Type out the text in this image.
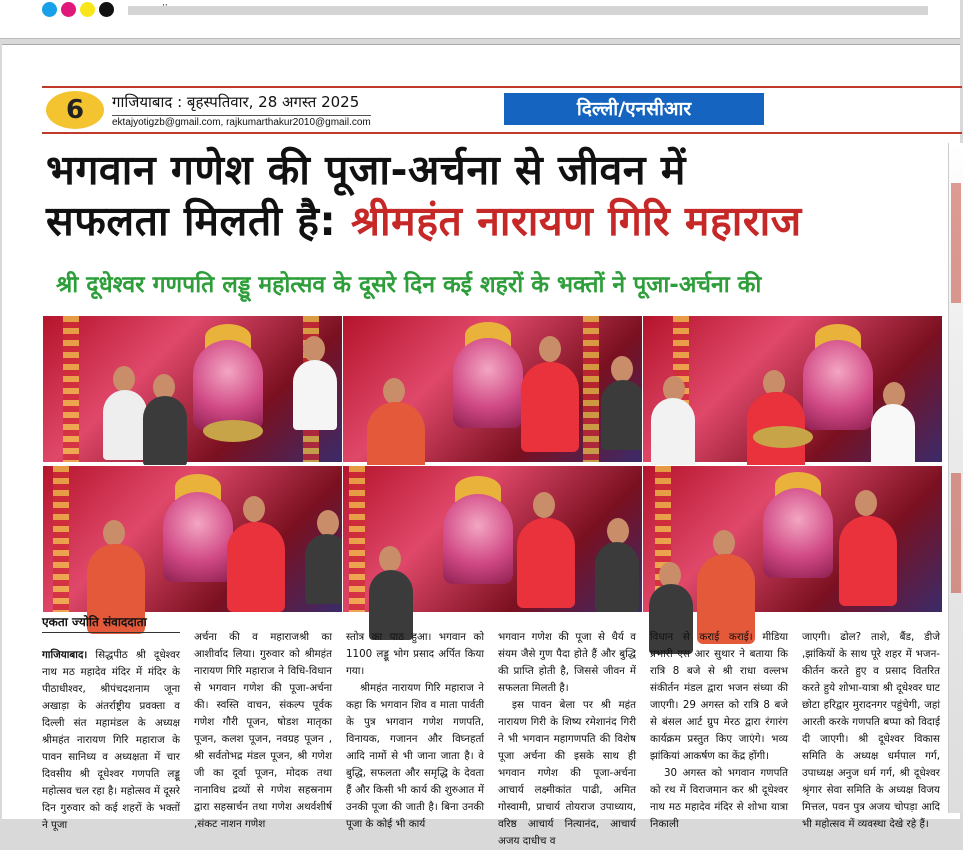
6	गाजियाबाद : बृहस्पतिवार, 28 अगस्त 2025
ektajyotigzb@gmail.com, rajkumarthakur2010@gmail.com
दिल्ली/एनसीआर
भगवान गणेश की पूजा-अर्चना से जीवन में
सफलता मिलती है: श्रीमहंत नारायण गिरि महाराज
श्री दूधेश्वर गणपति लड्डू महोत्सव के दूसरे दिन कई शहरों के भक्तों ने पूजा-अर्चना की
एकता ज्योति संवाददाता
गाजियाबाद। सिद्धपीठ श्री दूधेश्वर नाथ मठ महादेव मंदिर में मंदिर के पीठाधीश्वर, श्रीपंचदशनाम जूना अखाड़ा के अंतर्राष्ट्रीय प्रवक्ता व दिल्ली संत महामंडल के अध्यक्ष श्रीमहंत नारायण गिरि महाराज के पावन सानिध्य व अध्यक्षता में चार दिवसीय श्री दूधेश्वर गणपति लड्डू महोत्सव चल रहा है। महोत्सव में दूसरे दिन गुरुवार को कई शहरों के भक्तों ने पूजा
अर्चना की व महाराजश्री का आशीर्वाद लिया। गुरुवार को श्रीमहंत नारायण गिरि महाराज ने विधि-विधान से भगवान गणेश की पूजा-अर्चना की। स्वस्ति वाचन, संकल्प पूर्वक गणेश गौरी पूजन, षोडश मातृका पूजन, कलश पूजन, नवग्रह पूजन , श्री सर्वतोभद्र मंडल पूजन, श्री गणेश जी का दूर्वा पूजन, मोदक तथा नानाविध द्रव्यों से गणेश सहस्रनाम द्वारा सहस्रार्चन तथा गणेश अथर्वशीर्ष ,संकट नाशन गणेश
स्तोत्र का पाठ हुआ। भगवान को 1100 लड्डू भोग प्रसाद अर्पित किया गया।
श्रीमहंत नारायण गिरि महाराज ने कहा कि भगवान शिव व माता पार्वती के पुत्र भगवान गणेश गणपति, विनायक, गजानन और विघ्नहर्ता आदि नामों से भी जाना जाता है। वे बुद्धि, सफलता और समृद्धि के देवता हैं और किसी भी कार्य की शुरुआत में उनकी पूजा की जाती है। बिना उनकी पूजा के कोई भी कार्य
भगवान गणेश की पूजा से धैर्य व संयम जैसे गुण पैदा होते हैं और बुद्धि की प्राप्ति होती है, जिससे जीवन में सफलता मिलती है।
इस पावन बेला पर श्री महंत नारायण गिरी के शिष्य रमेशानंद गिरी ने भी भगवान महागणपति की विशेष पूजा अर्चना की इसके साथ ही भगवान गणेश की पूजा-अर्चना आचार्य लक्ष्मीकांत पाढी, अमित गोस्वामी, प्राचार्य तोयराज उपाध्याय, वरिष्ठ आचार्य नित्यानंद, आचार्य अजय दाधीच व
विधान से कराई कराई। मीडिया प्रभारी एस आर सुथार ने बताया कि रात्रि 8 बजे से श्री राधा वल्लभ संकीर्तन मंडल द्वारा भजन संध्या की जाएगी। 29 अगस्त को रात्रि 8 बजे से बंसल आर्ट ग्रुप मेरठ द्वारा रंगारंग कार्यक्रम प्रस्तुत किए जाएंगे। भव्य झांकियां आकर्षण का केंद्र होंगी।
30 अगस्त को भगवान गणपति को रथ में विराजमान कर श्री दूधेश्वर नाथ मठ महादेव मंदिर से शोभा यात्रा निकाली
जाएगी। ढोल? ताशे, बैंड, डीजे ,झांकियों के साथ पूरे शहर में भजन-कीर्तन करते हुए व प्रसाद वितरित करते हुये शोभा-यात्रा श्री दूधेश्वर घाट छोटा हरिद्वार मुरादनगर पहुंचेगी, जहां आरती करके गणपति बप्पा को विदाई दी जाएगी। श्री दूधेश्वर विकास समिति के अध्यक्ष धर्मपाल गर्ग, उपाध्यक्ष अनुज धर्म गर्ग, श्री दूधेश्वर श्रृंगार सेवा समिति के अध्यक्ष विजय मित्तल, पवन पुत्र अजय चोपड़ा आदि भी महोत्सव में व्यवस्था देखे रहे हैं।
